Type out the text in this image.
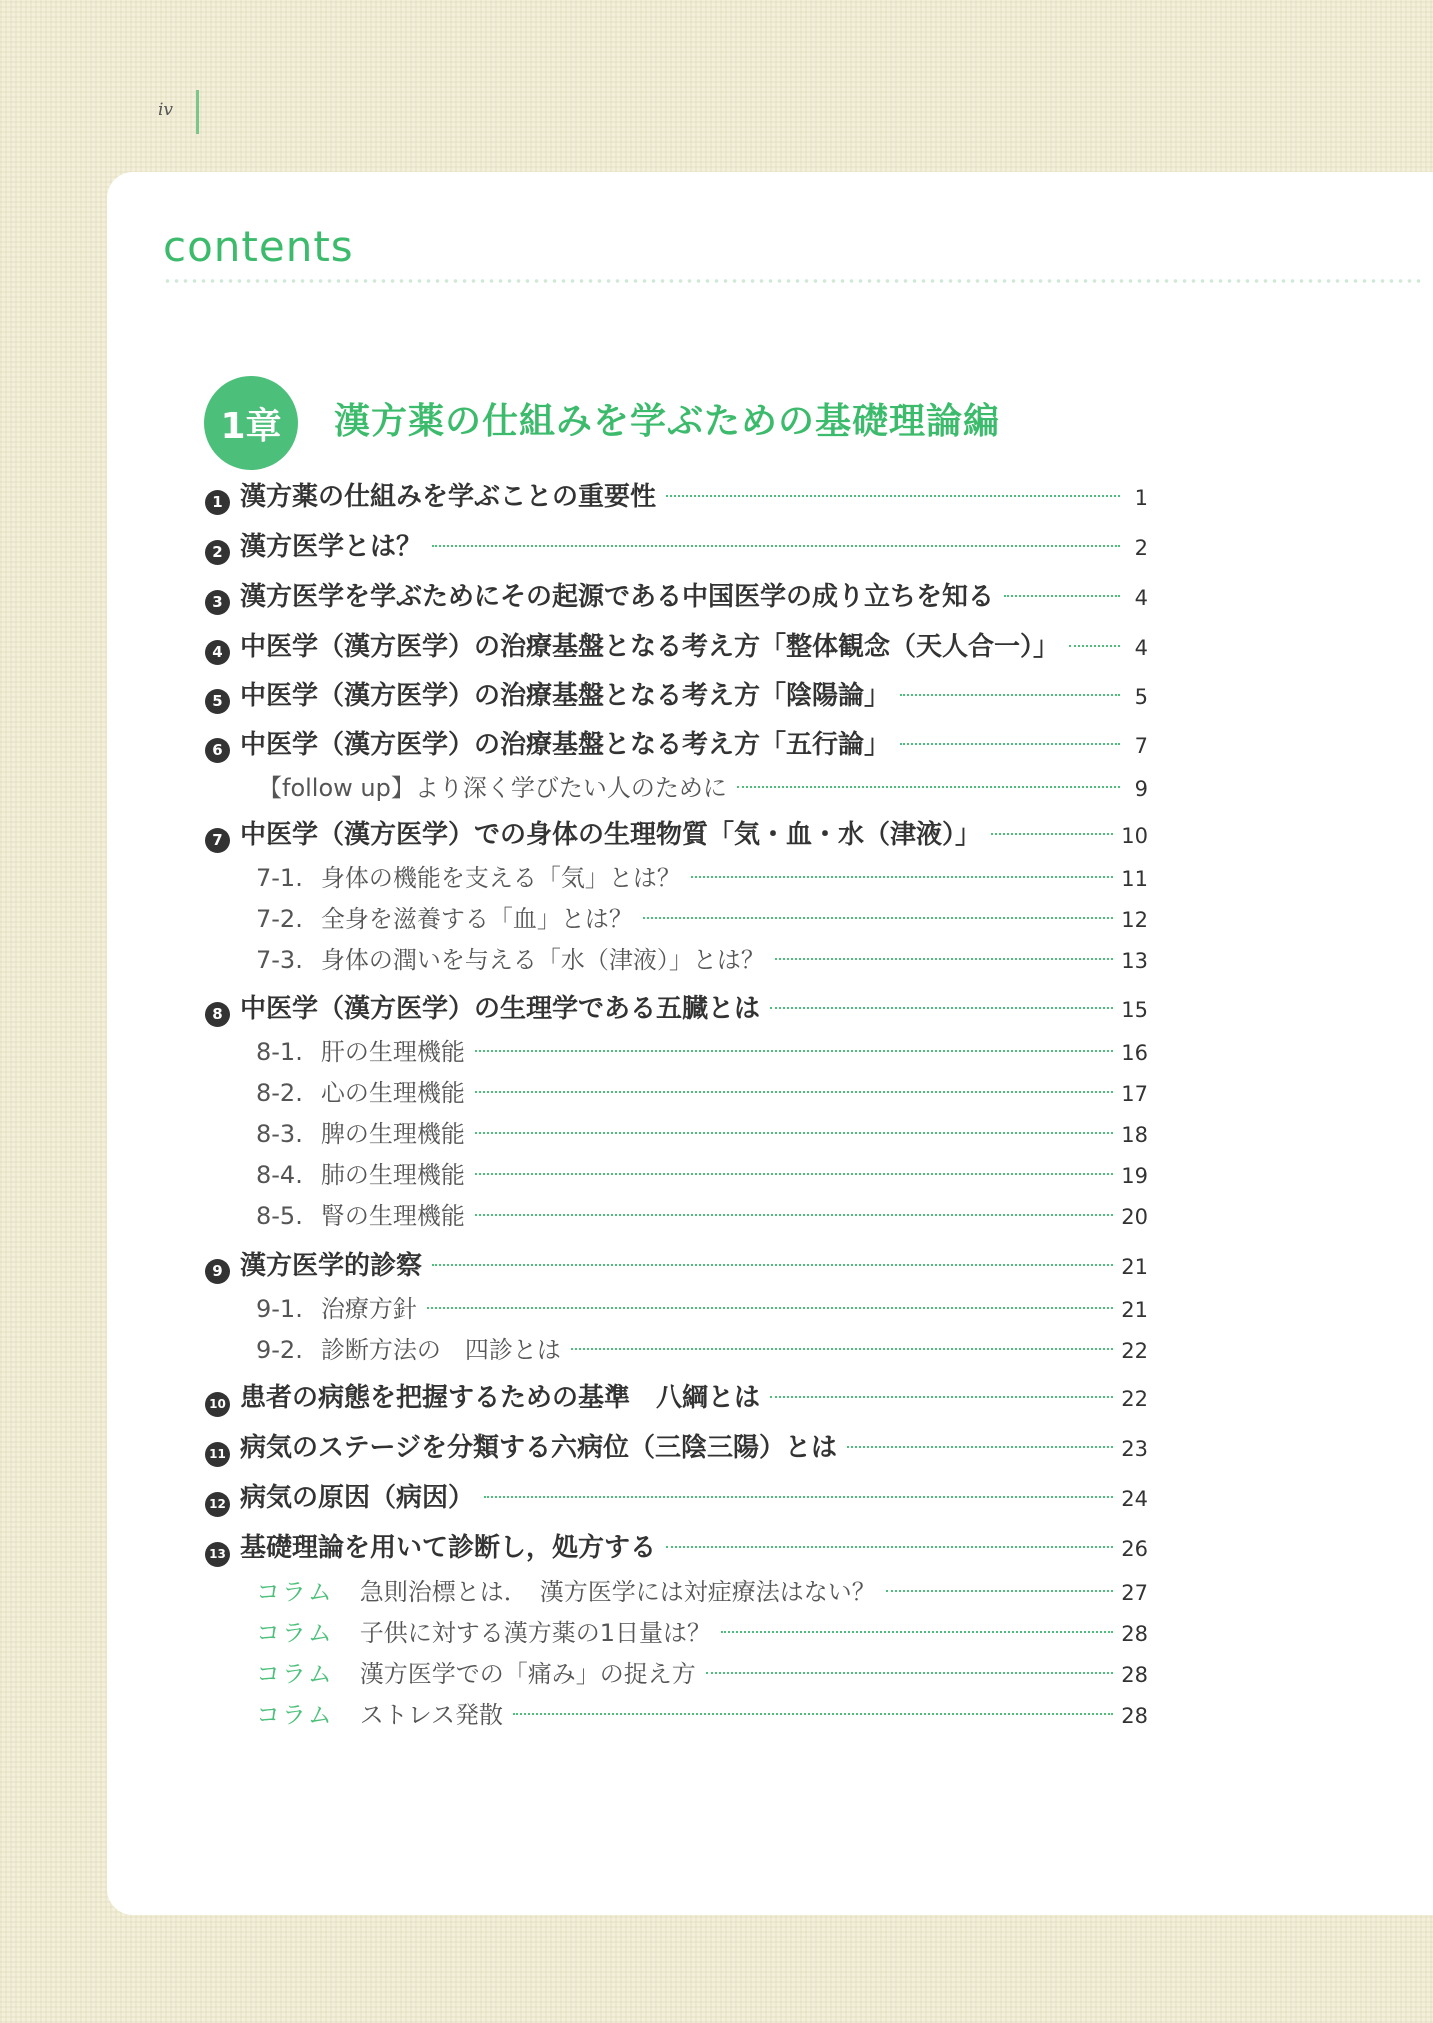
iv
contents
1章	漢方薬の仕組みを学ぶための基礎理論編
1 漢方薬の仕組みを学ぶことの重要性	1
2 漢方医学とは？	2
3 漢方医学を学ぶためにその起源である中国医学の成り立ちを知る	4
4 中医学（漢方医学）の治療基盤となる考え方「整体観念（天人合一）」	4
5 中医学（漢方医学）の治療基盤となる考え方「陰陽論」	5
6 中医学（漢方医学）の治療基盤となる考え方「五行論」	7
【follow up】より深く学びたい人のために	9
7 中医学（漢方医学）での身体の生理物質「気・血・水（津液）」	10
7-1. 身体の機能を支える「気」とは？	11
7-2. 全身を滋養する「血」とは？	12
7-3. 身体の潤いを与える「水（津液）」とは？	13
8 中医学（漢方医学）の生理学である五臓とは	15
8-1. 肝の生理機能	16
8-2. 心の生理機能	17
8-3. 脾の生理機能	18
8-4. 肺の生理機能	19
8-5. 腎の生理機能	20
9 漢方医学的診察	21
9-1. 治療方針	21
9-2. 診断方法の　四診とは	22
10 患者の病態を把握するための基準　八綱とは	22
11 病気のステージを分類する六病位（三陰三陽）とは	23
12 病気の原因（病因）	24
13 基礎理論を用いて診断し，処方する	26
コラム 急則治標とは．　漢方医学には対症療法はない？	27
コラム 子供に対する漢方薬の1日量は？	28
コラム 漢方医学での「痛み」の捉え方	28
コラム ストレス発散	28
